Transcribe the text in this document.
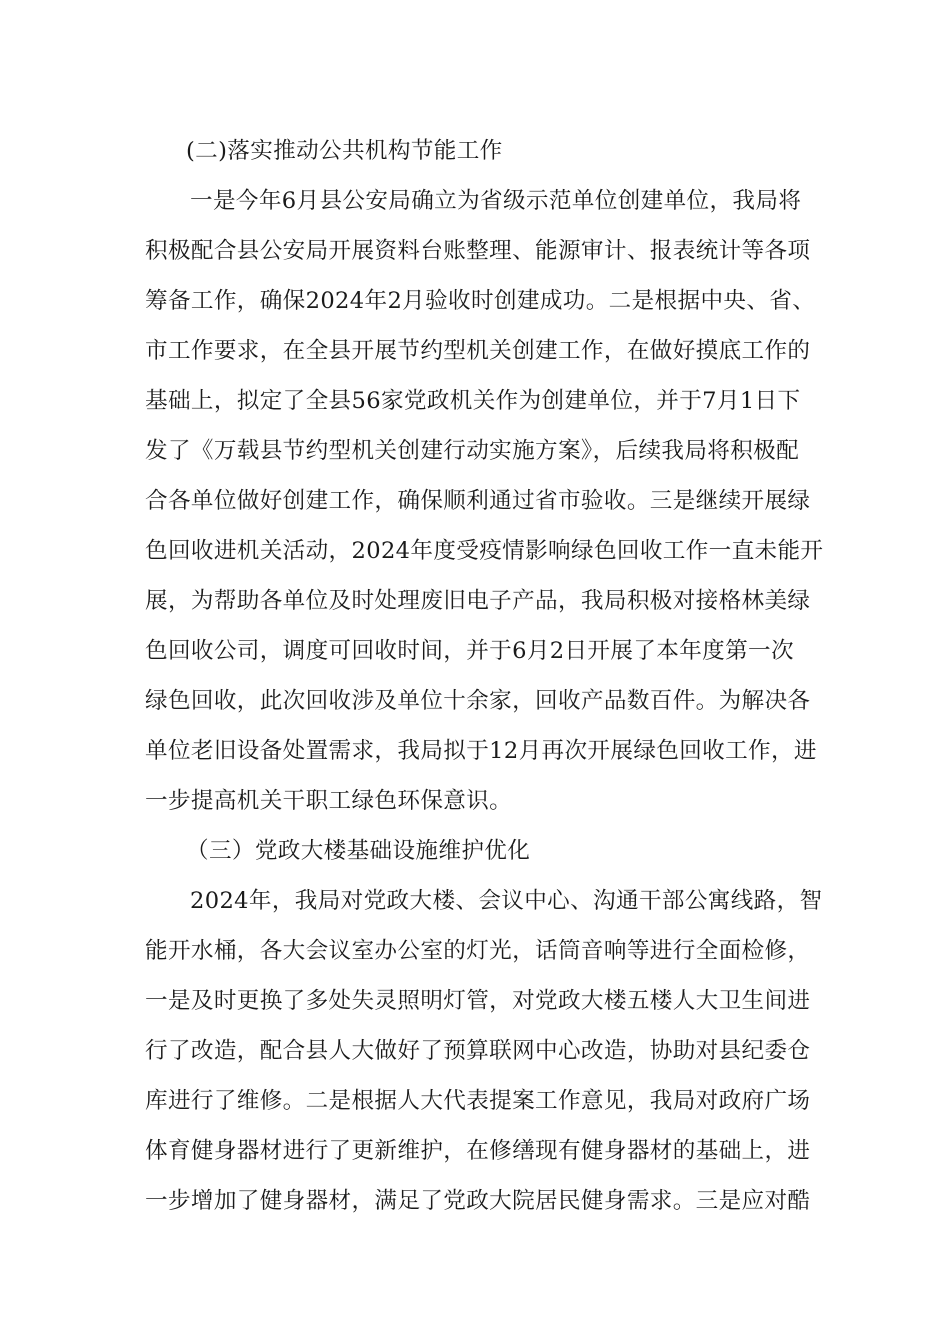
(二)落实推动公共机构节能工作
一是今年6月县公安局确立为省级示范单位创建单位，我局将
积极配合县公安局开展资料台账整理、能源审计、报表统计等各项
筹备工作，确保2024年2月验收时创建成功。二是根据中央、省、
市工作要求，在全县开展节约型机关创建工作，在做好摸底工作的
基础上，拟定了全县56家党政机关作为创建单位，并于7月1日下
发了《万载县节约型机关创建行动实施方案》，后续我局将积极配
合各单位做好创建工作，确保顺利通过省市验收。三是继续开展绿
色回收进机关活动，2024年度受疫情影响绿色回收工作一直未能开
展，为帮助各单位及时处理废旧电子产品，我局积极对接格林美绿
色回收公司，调度可回收时间，并于6月2日开展了本年度第一次
绿色回收，此次回收涉及单位十余家，回收产品数百件。为解决各
单位老旧设备处置需求，我局拟于12月再次开展绿色回收工作，进
一步提高机关干职工绿色环保意识。
（三）党政大楼基础设施维护优化
2024年，我局对党政大楼、会议中心、沟通干部公寓线路，智
能开水桶，各大会议室办公室的灯光，话筒音响等进行全面检修，
一是及时更换了多处失灵照明灯管，对党政大楼五楼人大卫生间进
行了改造，配合县人大做好了预算联网中心改造，协助对县纪委仓
库进行了维修。二是根据人大代表提案工作意见，我局对政府广场
体育健身器材进行了更新维护，在修缮现有健身器材的基础上，进
一步增加了健身器材，满足了党政大院居民健身需求。三是应对酷
